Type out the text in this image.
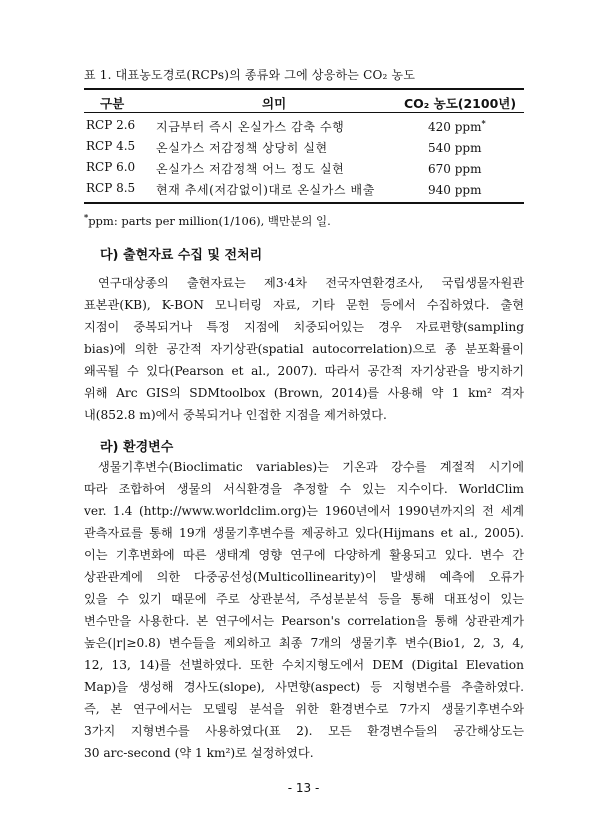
표 1. 대표농도경로(RCPs)의 종류와 그에 상응하는 CO₂ 농도
구분	의미	CO₂ 농도(2100년)
RCP 2.6 지금부터 즉시 온실가스 감축 수행	420 ppm*
RCP 4.5 온실가스 저감정책 상당히 실현	540 ppm
RCP 6.0 온실가스 저감정책 어느 정도 실현	670 ppm
RCP 8.5 현재 추세(저감없이)대로 온실가스 배출	940 ppm
*ppm: parts per million(1/106), 백만분의 일.
다) 출현자료 수집 및 전처리
연구대상종의 출현자료는 제3·4차 전국자연환경조사, 국립생물자원관
표본관(KB), K-BON 모니터링 자료, 기타 문헌 등에서 수집하였다. 출현
지점이 중복되거나 특정 지점에 치중되어있는 경우 자료편향(sampling
bias)에 의한 공간적 자기상관(spatial autocorrelation)으로 종 분포확률이
왜곡될 수 있다(Pearson et al., 2007). 따라서 공간적 자기상관을 방지하기
위해 Arc GIS의 SDMtoolbox (Brown, 2014)를 사용해 약 1 km² 격자
내(852.8 m)에서 중복되거나 인접한 지점을 제거하였다.
라) 환경변수
생물기후변수(Bioclimatic variables)는 기온과 강수를 계절적 시기에
따라 조합하여 생물의 서식환경을 추정할 수 있는 지수이다. WorldClim
ver. 1.4 (http://www.worldclim.org)는 1960년에서 1990년까지의 전 세계
관측자료를 통해 19개 생물기후변수를 제공하고 있다(Hijmans et al., 2005).
이는 기후변화에 따른 생태계 영향 연구에 다양하게 활용되고 있다. 변수 간
상관관계에 의한 다중공선성(Multicollinearity)이 발생해 예측에 오류가
있을 수 있기 때문에 주로 상관분석, 주성분분석 등을 통해 대표성이 있는
변수만을 사용한다. 본 연구에서는 Pearson's correlation을 통해 상관관계가
높은(|r|≥0.8) 변수들을 제외하고 최종 7개의 생물기후 변수(Bio1, 2, 3, 4,
12, 13, 14)를 선별하였다. 또한 수치지형도에서 DEM (Digital Elevation
Map)을 생성해 경사도(slope), 사면향(aspect) 등 지형변수를 추출하였다.
즉, 본 연구에서는 모델링 분석을 위한 환경변수로 7가지 생물기후변수와
3가지 지형변수를 사용하였다(표 2). 모든 환경변수들의 공간해상도는
30 arc-second (약 1 km²)로 설정하였다.
- 13 -
